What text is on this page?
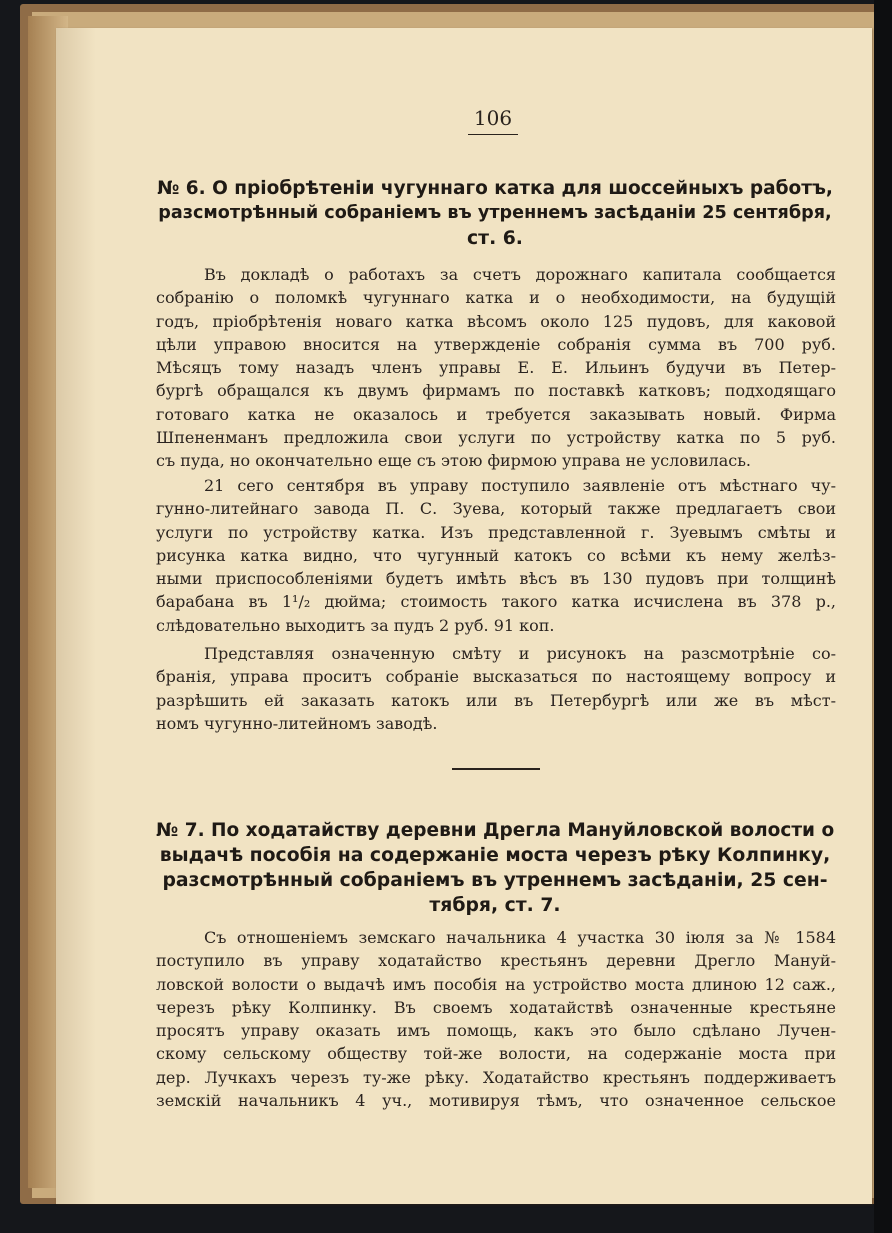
106
№ 6. О пріобрѣтеніи чугуннаго катка для шоссейныхъ работъ,
разсмотрѣнный собраніемъ въ утреннемъ засѣданіи 25 сентября,
ст. 6.
Въ докладѣ о работахъ за счетъ дорожнаго капитала сообщается
собранію о поломкѣ чугуннаго катка и о необходимости, на будущій
годъ, пріобрѣтенія новаго катка вѣсомъ около 125 пудовъ, для каковой
цѣли управою вносится на утвержденіе собранія сумма въ 700 руб.
Мѣсяцъ тому назадъ членъ управы Е. Е. Ильинъ будучи въ Петер-
бургѣ обращался къ двумъ фирмамъ по поставкѣ катковъ; подходящаго
готоваго катка не оказалось и требуется заказывать новый. Фирма
Шпененманъ предложила свои услуги по устройству катка по 5 руб.
съ пуда, но окончательно еще съ этою фирмою управа не условилась.
21 сего сентября въ управу поступило заявленіе отъ мѣстнаго чу-
гунно-литейнаго завода П. С. Зуева, который также предлагаетъ свои
услуги по устройству катка. Изъ представленной г. Зуевымъ смѣты и
рисунка катка видно, что чугунный катокъ со всѣми къ нему желѣз-
ными приспособленіями будетъ имѣть вѣсъ въ 130 пудовъ при толщинѣ
барабана въ 1¹/₂ дюйма; стоимость такого катка исчислена въ 378 р.,
слѣдовательно выходитъ за пудъ 2 руб. 91 коп.
Представляя означенную смѣту и рисунокъ на разсмотрѣніе со-
бранія, управа проситъ собраніе высказаться по настоящему вопросу и
разрѣшить ей заказать катокъ или въ Петербургѣ или же въ мѣст-
номъ чугунно-литейномъ заводѣ.
№ 7. По ходатайству деревни Дрегла Мануйловской волости о
выдачѣ пособія на содержаніе моста черезъ рѣку Колпинку,
разсмотрѣнный собраніемъ въ утреннемъ засѣданіи, 25 сен-
тября, ст. 7.
Съ отношеніемъ земскаго начальника 4 участка 30 іюля за № 1584
поступило въ управу ходатайство крестьянъ деревни Дрегло Мануй-
ловской волости о выдачѣ имъ пособія на устройство моста длиною 12 саж.,
черезъ рѣку Колпинку. Въ своемъ ходатайствѣ означенные крестьяне
просятъ управу оказать имъ помощь, какъ это было сдѣлано Лучен-
скому сельскому обществу той-же волости, на содержаніе моста при
дер. Лучкахъ черезъ ту-же рѣку. Ходатайство крестьянъ поддерживаетъ
земскій начальникъ 4 уч., мотивируя тѣмъ, что означенное сельское
